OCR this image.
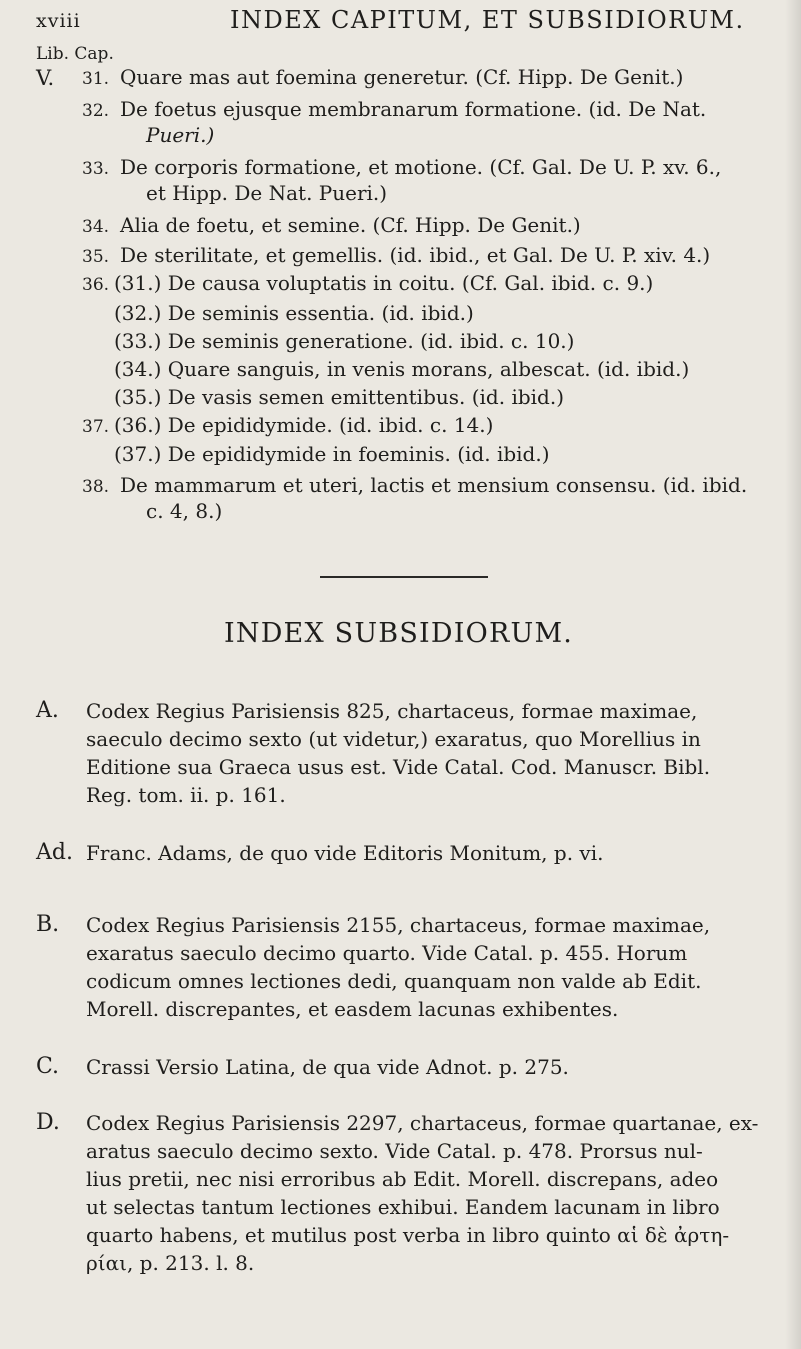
xviii	INDEX CAPITUM, ET SUBSIDIORUM.
Lib. Cap.
V. 31. Quare mas aut foemina generetur. (Cf. Hipp. De Genit.)
32. De foetus ejusque membranarum formatione. (id. De Nat.
Pueri.)
33. De corporis formatione, et motione. (Cf. Gal. De U. P. xv. 6.,
et Hipp. De Nat. Pueri.)
34. Alia de foetu, et semine. (Cf. Hipp. De Genit.)
35. De sterilitate, et gemellis. (id. ibid., et Gal. De U. P. xiv. 4.)
36. (31.) De causa voluptatis in coitu. (Cf. Gal. ibid. c. 9.)
(32.) De seminis essentia. (id. ibid.)
(33.) De seminis generatione. (id. ibid. c. 10.)
(34.) Quare sanguis, in venis morans, albescat. (id. ibid.)
(35.) De vasis semen emittentibus. (id. ibid.)
37. (36.) De epididymide. (id. ibid. c. 14.)
(37.) De epididymide in foeminis. (id. ibid.)
38. De mammarum et uteri, lactis et mensium consensu. (id. ibid.
c. 4, 8.)
INDEX SUBSIDIORUM.
A. Codex Regius Parisiensis 825, chartaceus, formae maximae,
saeculo decimo sexto (ut videtur,) exaratus, quo Morellius in
Editione sua Graeca usus est. Vide Catal. Cod. Manuscr. Bibl.
Reg. tom. ii. p. 161.
Ad. Franc. Adams, de quo vide Editoris Monitum, p. vi.
B. Codex Regius Parisiensis 2155, chartaceus, formae maximae,
exaratus saeculo decimo quarto. Vide Catal. p. 455. Horum
codicum omnes lectiones dedi, quanquam non valde ab Edit.
Morell. discrepantes, et easdem lacunas exhibentes.
C. Crassi Versio Latina, de qua vide Adnot. p. 275.
D. Codex Regius Parisiensis 2297, chartaceus, formae quartanae, ex-
aratus saeculo decimo sexto. Vide Catal. p. 478. Prorsus nul-
lius pretii, nec nisi erroribus ab Edit. Morell. discrepans, adeo
ut selectas tantum lectiones exhibui. Eandem lacunam in libro
quarto habens, et mutilus post verba in libro quinto αἱ δὲ ἀρτη-
ρίαι, p. 213. l. 8.
